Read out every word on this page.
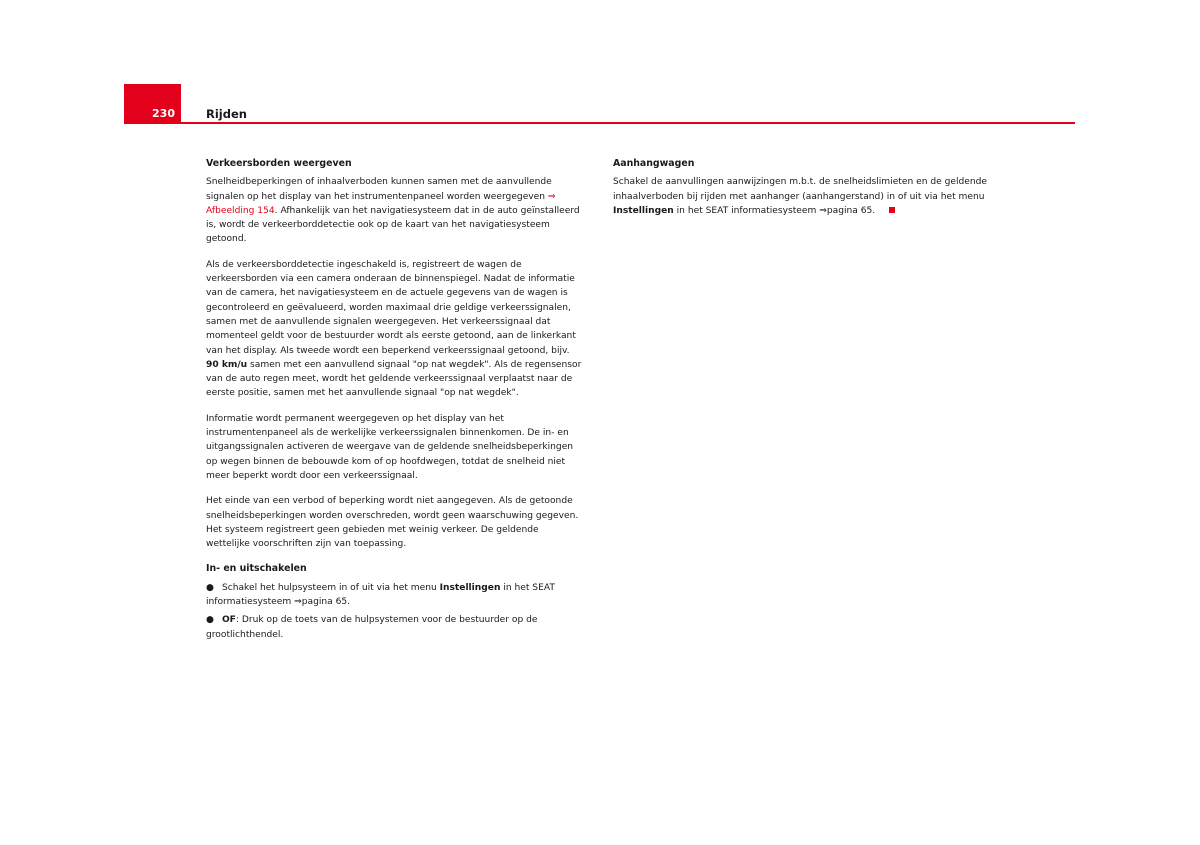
230	Rijden
Verkeersborden weergeven

Snelheidbeperkingen of inhaalverboden kunnen samen met de aanvullende signalen op het display van het instrumentenpaneel worden weergegeven ⇒ Afbeelding 154. Afhankelijk van het navigatiesysteem dat in de auto geïnstalleerd is, wordt de verkeerborddetectie ook op de kaart van het navigatiesysteem getoond.

Als de verkeersborddetectie ingeschakeld is, registreert de wagen de verkeersborden via een camera onderaan de binnenspiegel. Nadat de informatie van de camera, het navigatiesysteem en de actuele gegevens van de wagen is gecontroleerd en geëvalueerd, worden maximaal drie geldige verkeerssignalen, samen met de aanvullende signalen weergegeven. Het verkeerssignaal dat momenteel geldt voor de bestuurder wordt als eerste getoond, aan de linkerkant van het display. Als tweede wordt een beperkend verkeerssignaal getoond, bijv. 90 km/u samen met een aanvullend signaal "op nat wegdek". Als de regensensor van de auto regen meet, wordt het geldende verkeerssignaal verplaatst naar de eerste positie, samen met het aanvullende signaal "op nat wegdek".

Informatie wordt permanent weergegeven op het display van het instrumentenpaneel als de werkelijke verkeerssignalen binnenkomen. De in- en uitgangssignalen activeren de weergave van de geldende snelheidsbeperkingen op wegen binnen de bebouwde kom of op hoofdwegen, totdat de snelheid niet meer beperkt wordt door een verkeerssignaal.

Het einde van een verbod of beperking wordt niet aangegeven. Als de getoonde snelheidsbeperkingen worden overschreden, wordt geen waarschuwing gegeven. Het systeem registreert geen gebieden met weinig verkeer. De geldende wettelijke voorschriften zijn van toepassing.

In- en uitschakelen
● Schakel het hulpsysteem in of uit via het menu Instellingen in het SEAT informatiesysteem ⇒pagina 65.
● OF: Druk op de toets van de hulpsystemen voor de bestuurder op de grootlichthendel.
Aanhangwagen

Schakel de aanvullingen aanwijzingen m.b.t. de snelheidslimieten en de geldende inhaalverboden bij rijden met aanhanger (aanhangerstand) in of uit via het menu Instellingen in het SEAT informatiesysteem ⇒pagina 65.
